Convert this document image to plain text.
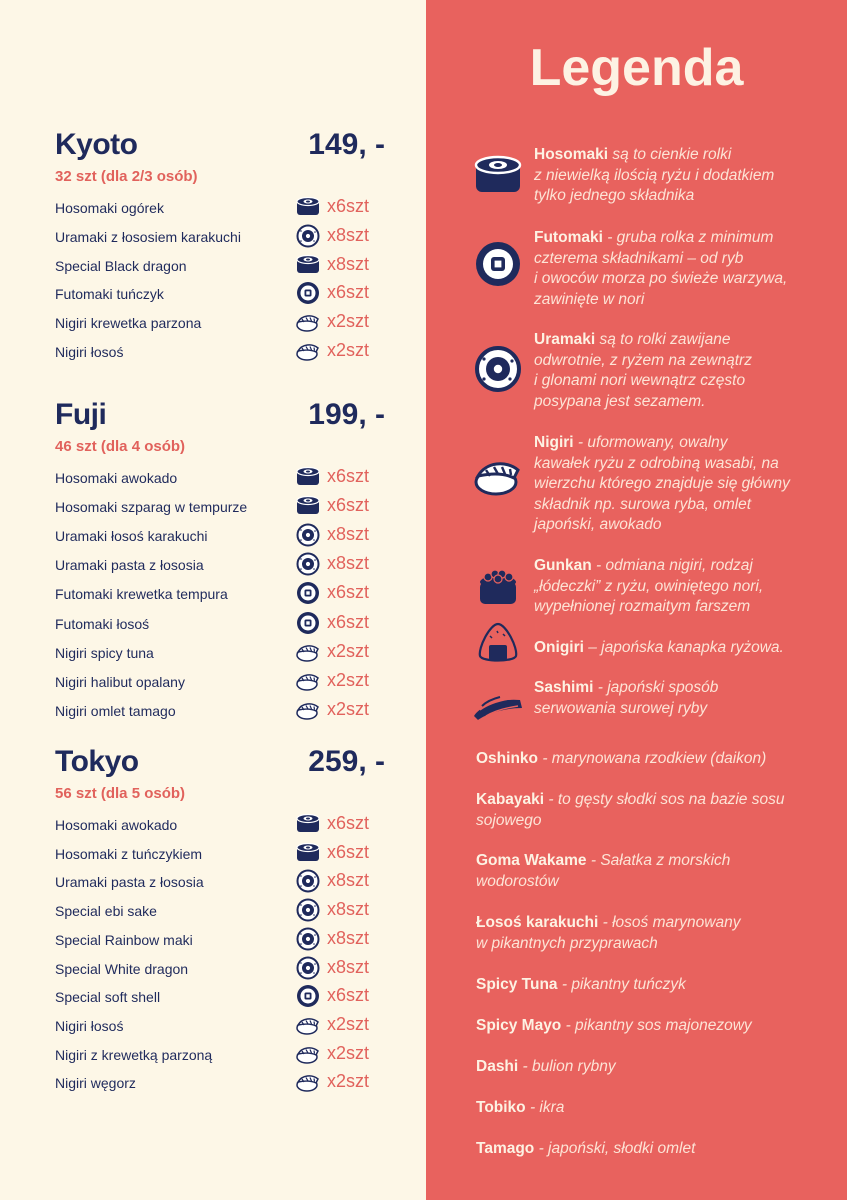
Kyoto	149, -
32 szt (dla 2/3 osób)
Hosomaki ogórek	x6szt
Uramaki z łososiem karakuchi	x8szt
Special Black dragon	x8szt
Futomaki tuńczyk	x6szt
Nigiri krewetka parzona	x2szt
Nigiri łosoś	x2szt
Fuji	199, -
46 szt (dla 4 osób)
Hosomaki awokado	x6szt
Hosomaki szparag w tempurze	x6szt
Uramaki łosoś karakuchi	x8szt
Uramaki pasta z łososia	x8szt
Futomaki krewetka tempura	x6szt
Futomaki łosoś	x6szt
Nigiri spicy tuna	x2szt
Nigiri halibut opalany	x2szt
Nigiri omlet tamago	x2szt
Tokyo	259, -
56 szt (dla 5 osób)
Hosomaki awokado	x6szt
Hosomaki z tuńczykiem	x6szt
Uramaki pasta z łososia	x8szt
Special ebi sake	x8szt
Special Rainbow maki	x8szt
Special White dragon	x8szt
Special soft shell	x6szt
Nigiri łosoś	x2szt
Nigiri z krewetką parzoną	x2szt
Nigiri węgorz	x2szt
Legenda
Hosomaki są to cienkie rolki
z niewielką ilością ryżu i dodatkiem
tylko jednego składnika
Futomaki - gruba rolka z minimum
czterema składnikami – od ryb
i owoców morza po świeże warzywa,
zawinięte w nori
Uramaki są to rolki zawijane
odwrotnie, z ryżem na zewnątrz
i glonami nori wewnątrz często
posypana jest sezamem.
Nigiri - uformowany, owalny
kawałek ryżu z odrobiną wasabi, na
wierzchu którego znajduje się główny
składnik np. surowa ryba, omlet
japoński, awokado
Gunkan - odmiana nigiri, rodzaj
„łódeczki” z ryżu, owiniętego nori,
wypełnionej rozmaitym farszem
Onigiri – japońska kanapka ryżowa.
Sashimi - japoński sposób
serwowania surowej ryby
Oshinko - marynowana rzodkiew (daikon)
Kabayaki - to gęsty słodki sos na bazie sosu
sojowego
Goma Wakame - Sałatka z morskich
wodorostów
Łosoś karakuchi - łosoś marynowany
w pikantnych przyprawach
Spicy Tuna - pikantny tuńczyk
Spicy Mayo - pikantny sos majonezowy
Dashi - bulion rybny
Tobiko - ikra
Tamago - japoński, słodki omlet
